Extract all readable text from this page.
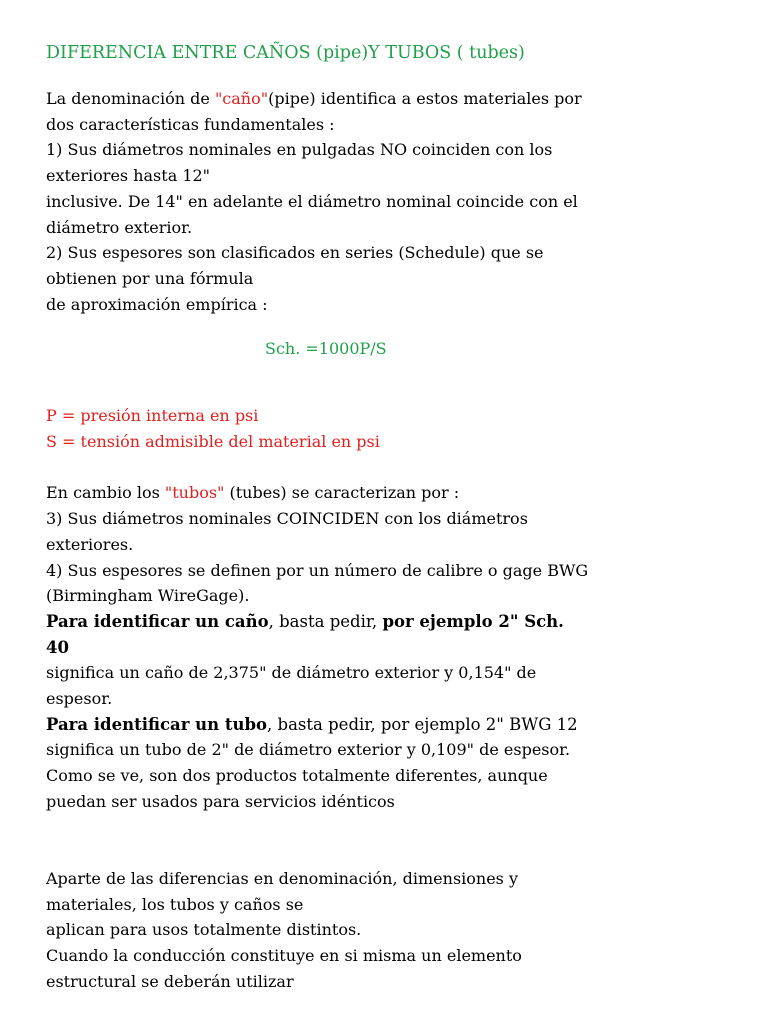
DIFERENCIA ENTRE CAÑOS (pipe)Y TUBOS ( tubes)
La denominación de "caño"(pipe) identifica a estos materiales por
dos características fundamentales :
1) Sus diámetros nominales en pulgadas NO coinciden con los
exteriores hasta 12"
inclusive. De 14" en adelante el diámetro nominal coincide con el
diámetro exterior.
2) Sus espesores son clasificados en series (Schedule) que se
obtienen por una fórmula
de aproximación empírica :
Sch. =1000P/S
P = presión interna en psi
S = tensión admisible del material en psi
En cambio los "tubos" (tubes) se caracterizan por :
3) Sus diámetros nominales COINCIDEN con los diámetros
exteriores.
4) Sus espesores se definen por un número de calibre o gage BWG
(Birmingham WireGage).
Para identificar un caño, basta pedir, por ejemplo 2" Sch.
40
significa un caño de 2,375" de diámetro exterior y 0,154" de
espesor.
Para identificar un tubo, basta pedir, por ejemplo 2" BWG 12
significa un tubo de 2" de diámetro exterior y 0,109" de espesor.
Como se ve, son dos productos totalmente diferentes, aunque
puedan ser usados para servicios idénticos
Aparte de las diferencias en denominación, dimensiones y
materiales, los tubos y caños se
aplican para usos totalmente distintos.
Cuando la conducción constituye en si misma un elemento
estructural se deberán utilizar
